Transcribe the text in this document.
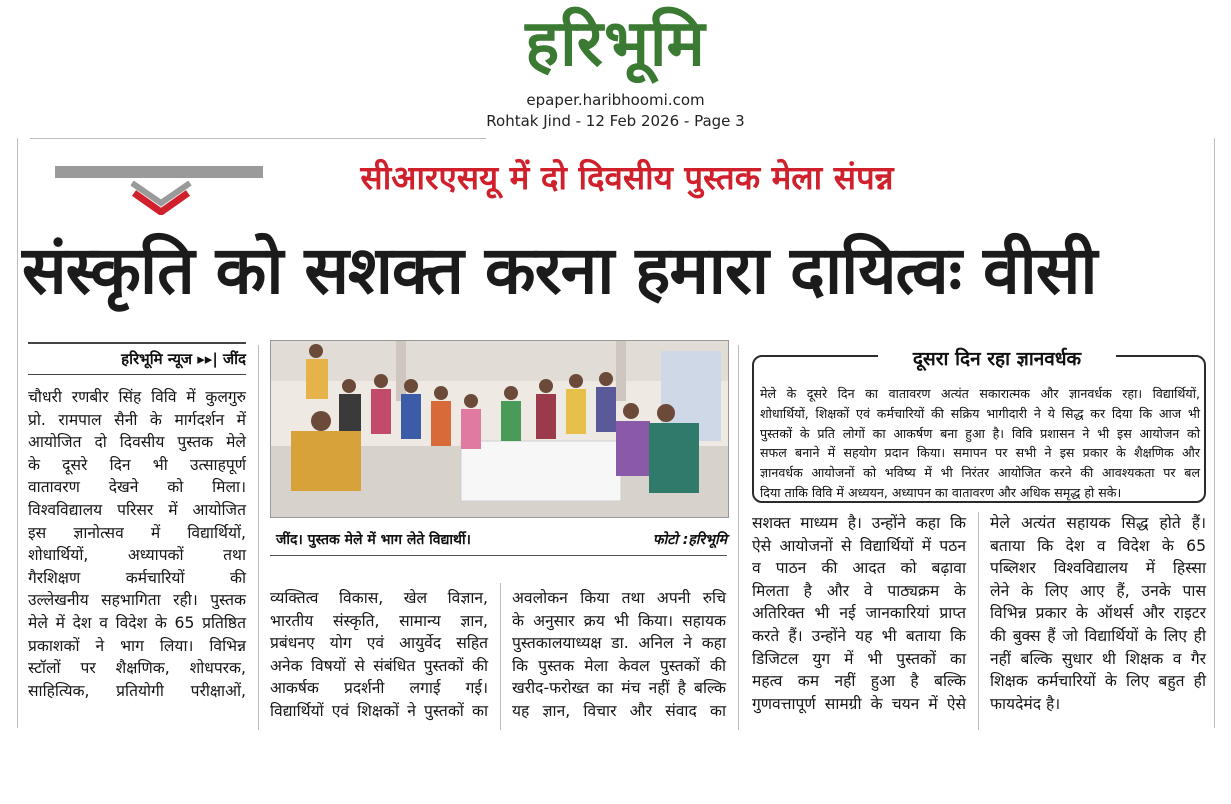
हरिभूमि
epaper.haribhoomi.com
Rohtak Jind - 12 Feb 2026 - Page 3
सीआरएसयू में दो दिवसीय पुस्तक मेला संपन्न
संस्कृति को सशक्त करना हमारा दायित्वः वीसी
हरिभूमि न्यूज ▸▸| जींद
चौधरी रणबीर सिंह विवि में कुलगुरु
प्रो. रामपाल सैनी के मार्गदर्शन में
आयोजित दो दिवसीय पुस्तक मेले
के दूसरे दिन भी उत्साहपूर्ण
वातावरण देखने को मिला।
विश्वविद्यालय परिसर में आयोजित
इस ज्ञानोत्सव में विद्यार्थियों,
शोधार्थियों, अध्यापकों तथा
गैरशिक्षण कर्मचारियों की
उल्लेखनीय सहभागिता रही। पुस्तक
मेले में देश व विदेश के 65 प्रतिष्ठित
प्रकाशकों ने भाग लिया। विभिन्न
स्टॉलों पर शैक्षणिक, शोधपरक,
साहित्यिक, प्रतियोगी परीक्षाओं,
जींद। पुस्तक मेले में भाग लेते विद्यार्थी।	फोटो :हरिभूमि
व्यक्तित्व विकास, खेल विज्ञान,
भारतीय संस्कृति, सामान्य ज्ञान,
प्रबंधनए योग एवं आयुर्वेद सहित
अनेक विषयों से संबंधित पुस्तकों की
आकर्षक प्रदर्शनी लगाई गई।
विद्यार्थियों एवं शिक्षकों ने पुस्तकों का
अवलोकन किया तथा अपनी रुचि
के अनुसार क्रय भी किया। सहायक
पुस्तकालयाध्यक्ष डा. अनिल ने कहा
कि पुस्तक मेला केवल पुस्तकों की
खरीद-फरोख्त का मंच नहीं है बल्कि
यह ज्ञान, विचार और संवाद का
दूसरा दिन रहा ज्ञानवर्धक
मेले के दूसरे दिन का वातावरण अत्यंत सकारात्मक और ज्ञानवर्धक रहा। विद्यार्थियों,
शोधार्थियों, शिक्षकों एवं कर्मचारियों की सक्रिय भागीदारी ने ये सिद्ध कर दिया कि आज भी
पुस्तकों के प्रति लोगों का आकर्षण बना हुआ है। विवि प्रशासन ने भी इस आयोजन को
सफल बनाने में सहयोग प्रदान किया। समापन पर सभी ने इस प्रकार के शैक्षणिक और
ज्ञानवर्धक आयोजनों को भविष्य में भी निरंतर आयोजित करने की आवश्यकता पर बल
दिया ताकि विवि में अध्ययन, अध्यापन का वातावरण और अधिक समृद्ध हो सके।
सशक्त माध्यम है। उन्होंने कहा कि
ऐसे आयोजनों से विद्यार्थियों में पठन
व पाठन की आदत को बढ़ावा
मिलता है और वे पाठ्यक्रम के
अतिरिक्त भी नई जानकारियां प्राप्त
करते हैं। उन्होंने यह भी बताया कि
डिजिटल युग में भी पुस्तकों का
महत्व कम नहीं हुआ है बल्कि
गुणवत्तापूर्ण सामग्री के चयन में ऐसे
मेले अत्यंत सहायक सिद्ध होते हैं।
बताया कि देश व विदेश के 65
पब्लिशर विश्वविद्यालय में हिस्सा
लेने के लिए आए हैं, उनके पास
विभिन्न प्रकार के ऑथर्स और राइटर
की बुक्स हैं जो विद्यार्थियों के लिए ही
नहीं बल्कि सुधार थी शिक्षक व गैर
शिक्षक कर्मचारियों के लिए बहुत ही
फायदेमंद है।
